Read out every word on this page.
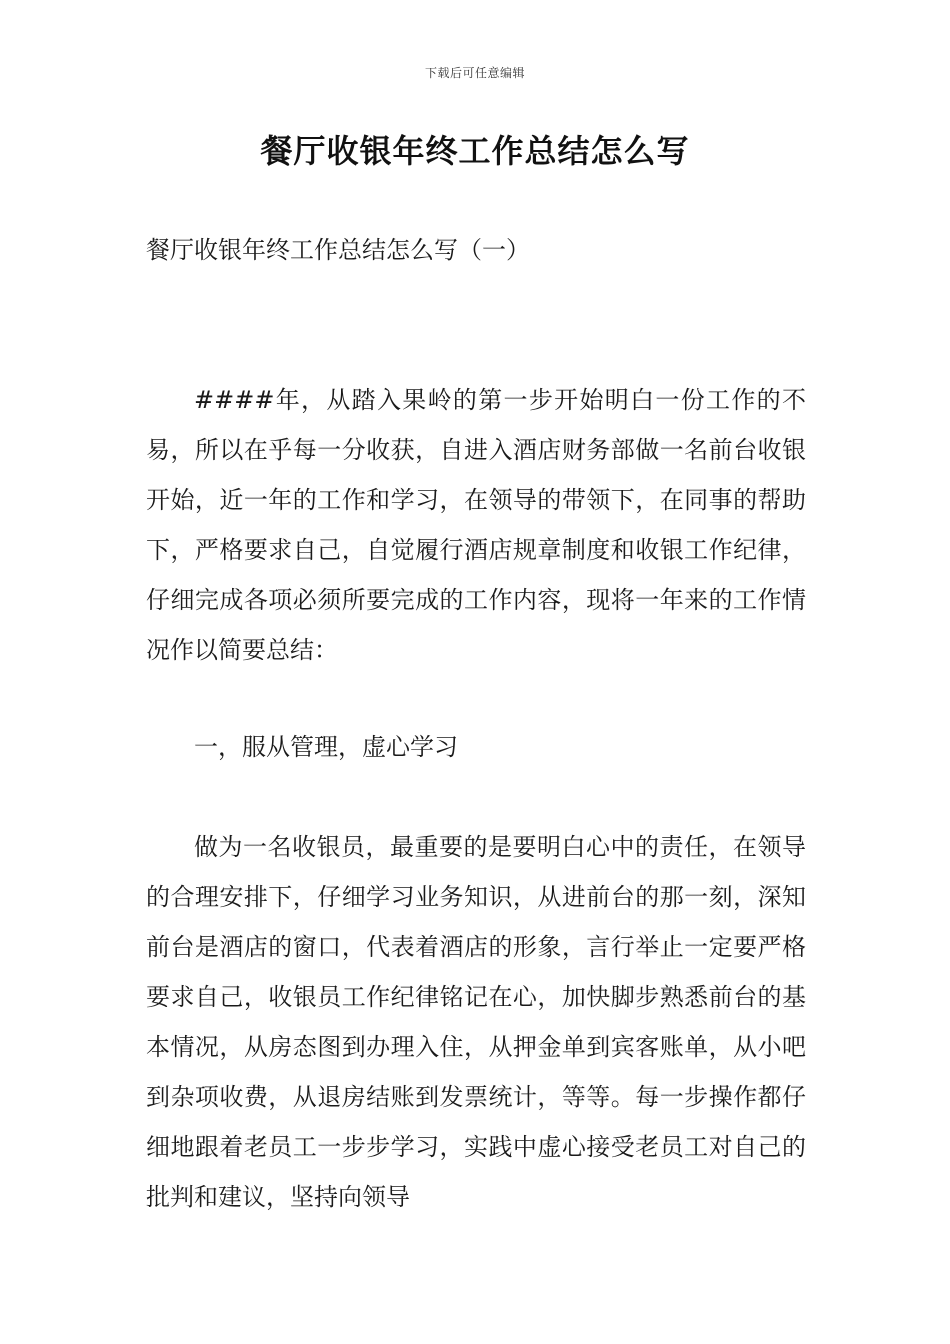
下载后可任意编辑
餐厅收银年终工作总结怎么写
餐厅收银年终工作总结怎么写（一）

####年，从踏入果岭的第一步开始明白一份工作的不易，所以在乎每一分收获，自进入酒店财务部做一名前台收银开始，近一年的工作和学习，在领导的带领下，在同事的帮助下，严格要求自己，自觉履行酒店规章制度和收银工作纪律，仔细完成各项必须所要完成的工作内容，现将一年来的工作情况作以简要总结：

一，服从管理，虚心学习

做为一名收银员，最重要的是要明白心中的责任，在领导的合理安排下，仔细学习业务知识，从进前台的那一刻，深知前台是酒店的窗口，代表着酒店的形象，言行举止一定要严格要求自己，收银员工作纪律铭记在心，加快脚步熟悉前台的基本情况，从房态图到办理入住，从押金单到宾客账单，从小吧到杂项收费，从退房结账到发票统计，等等。每一步操作都仔细地跟着老员工一步步学习，实践中虚心接受老员工对自己的批判和建议，坚持向领导
